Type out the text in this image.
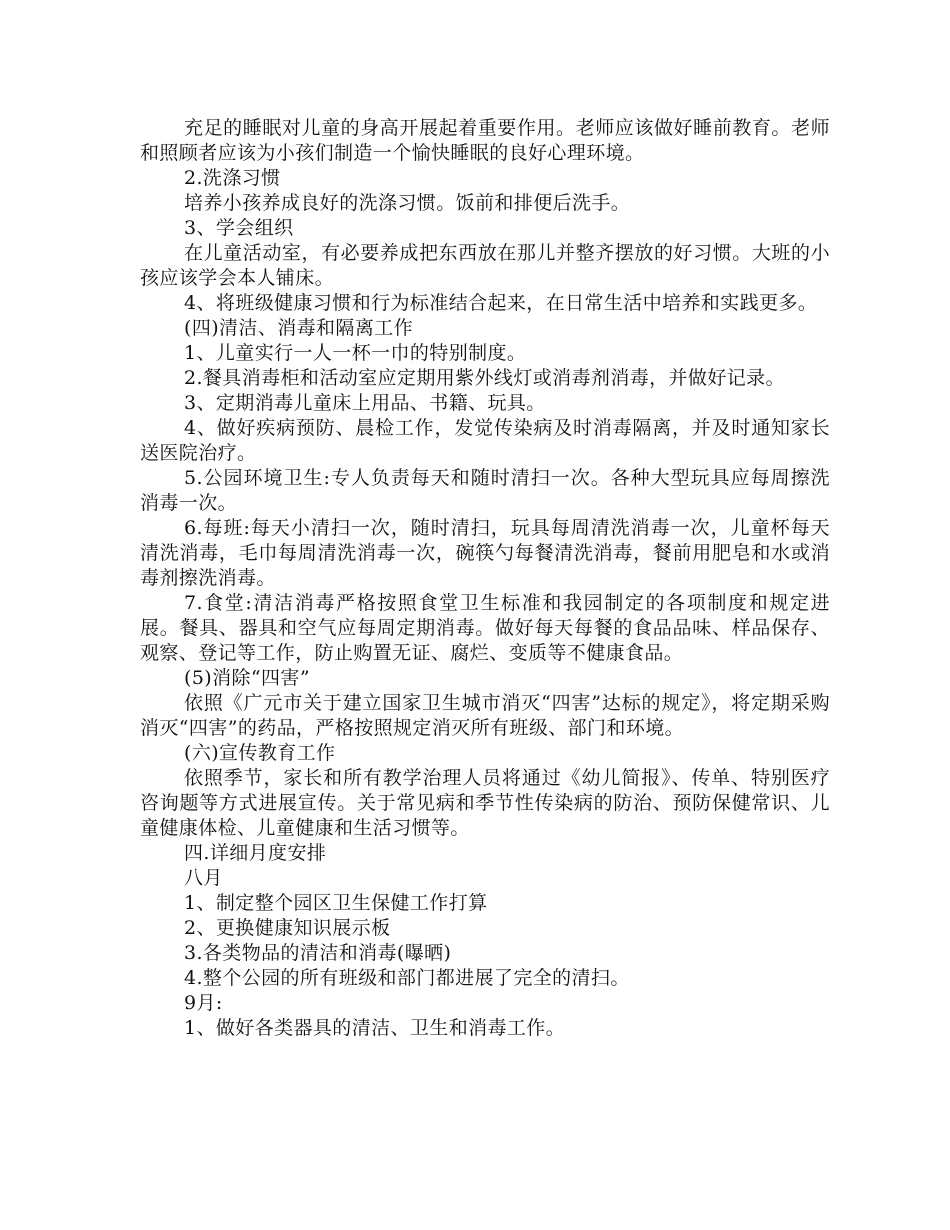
充足的睡眠对儿童的身高开展起着重要作用。老师应该做好睡前教育。老师和照顾者应该为小孩们制造一个愉快睡眠的良好心理环境。

2.洗涤习惯

培养小孩养成良好的洗涤习惯。饭前和排便后洗手。

3、学会组织

在儿童活动室，有必要养成把东西放在那儿并整齐摆放的好习惯。大班的小孩应该学会本人铺床。

4、将班级健康习惯和行为标准结合起来，在日常生活中培养和实践更多。

(四)清洁、消毒和隔离工作

1、儿童实行一人一杯一巾的特别制度。

2.餐具消毒柜和活动室应定期用紫外线灯或消毒剂消毒，并做好记录。

3、定期消毒儿童床上用品、书籍、玩具。

4、做好疾病预防、晨检工作，发觉传染病及时消毒隔离，并及时通知家长送医院治疗。

5.公园环境卫生:专人负责每天和随时清扫一次。各种大型玩具应每周擦洗消毒一次。

6.每班:每天小清扫一次，随时清扫，玩具每周清洗消毒一次，儿童杯每天清洗消毒，毛巾每周清洗消毒一次，碗筷勺每餐清洗消毒，餐前用肥皂和水或消毒剂擦洗消毒。

7.食堂:清洁消毒严格按照食堂卫生标准和我园制定的各项制度和规定进展。餐具、器具和空气应每周定期消毒。做好每天每餐的食品品味、样品保存、观察、登记等工作，防止购置无证、腐烂、变质等不健康食品。

(5)消除“四害”

依照《广元市关于建立国家卫生城市消灭“四害”达标的规定》，将定期采购消灭“四害”的药品，严格按照规定消灭所有班级、部门和环境。

(六)宣传教育工作

依照季节，家长和所有教学治理人员将通过《幼儿简报》、传单、特别医疗咨询题等方式进展宣传。关于常见病和季节性传染病的防治、预防保健常识、儿童健康体检、儿童健康和生活习惯等。

四.详细月度安排

八月

1、制定整个园区卫生保健工作打算

2、更换健康知识展示板

3.各类物品的清洁和消毒(曝晒)

4.整个公园的所有班级和部门都进展了完全的清扫。

9月:

1、做好各类器具的清洁、卫生和消毒工作。
